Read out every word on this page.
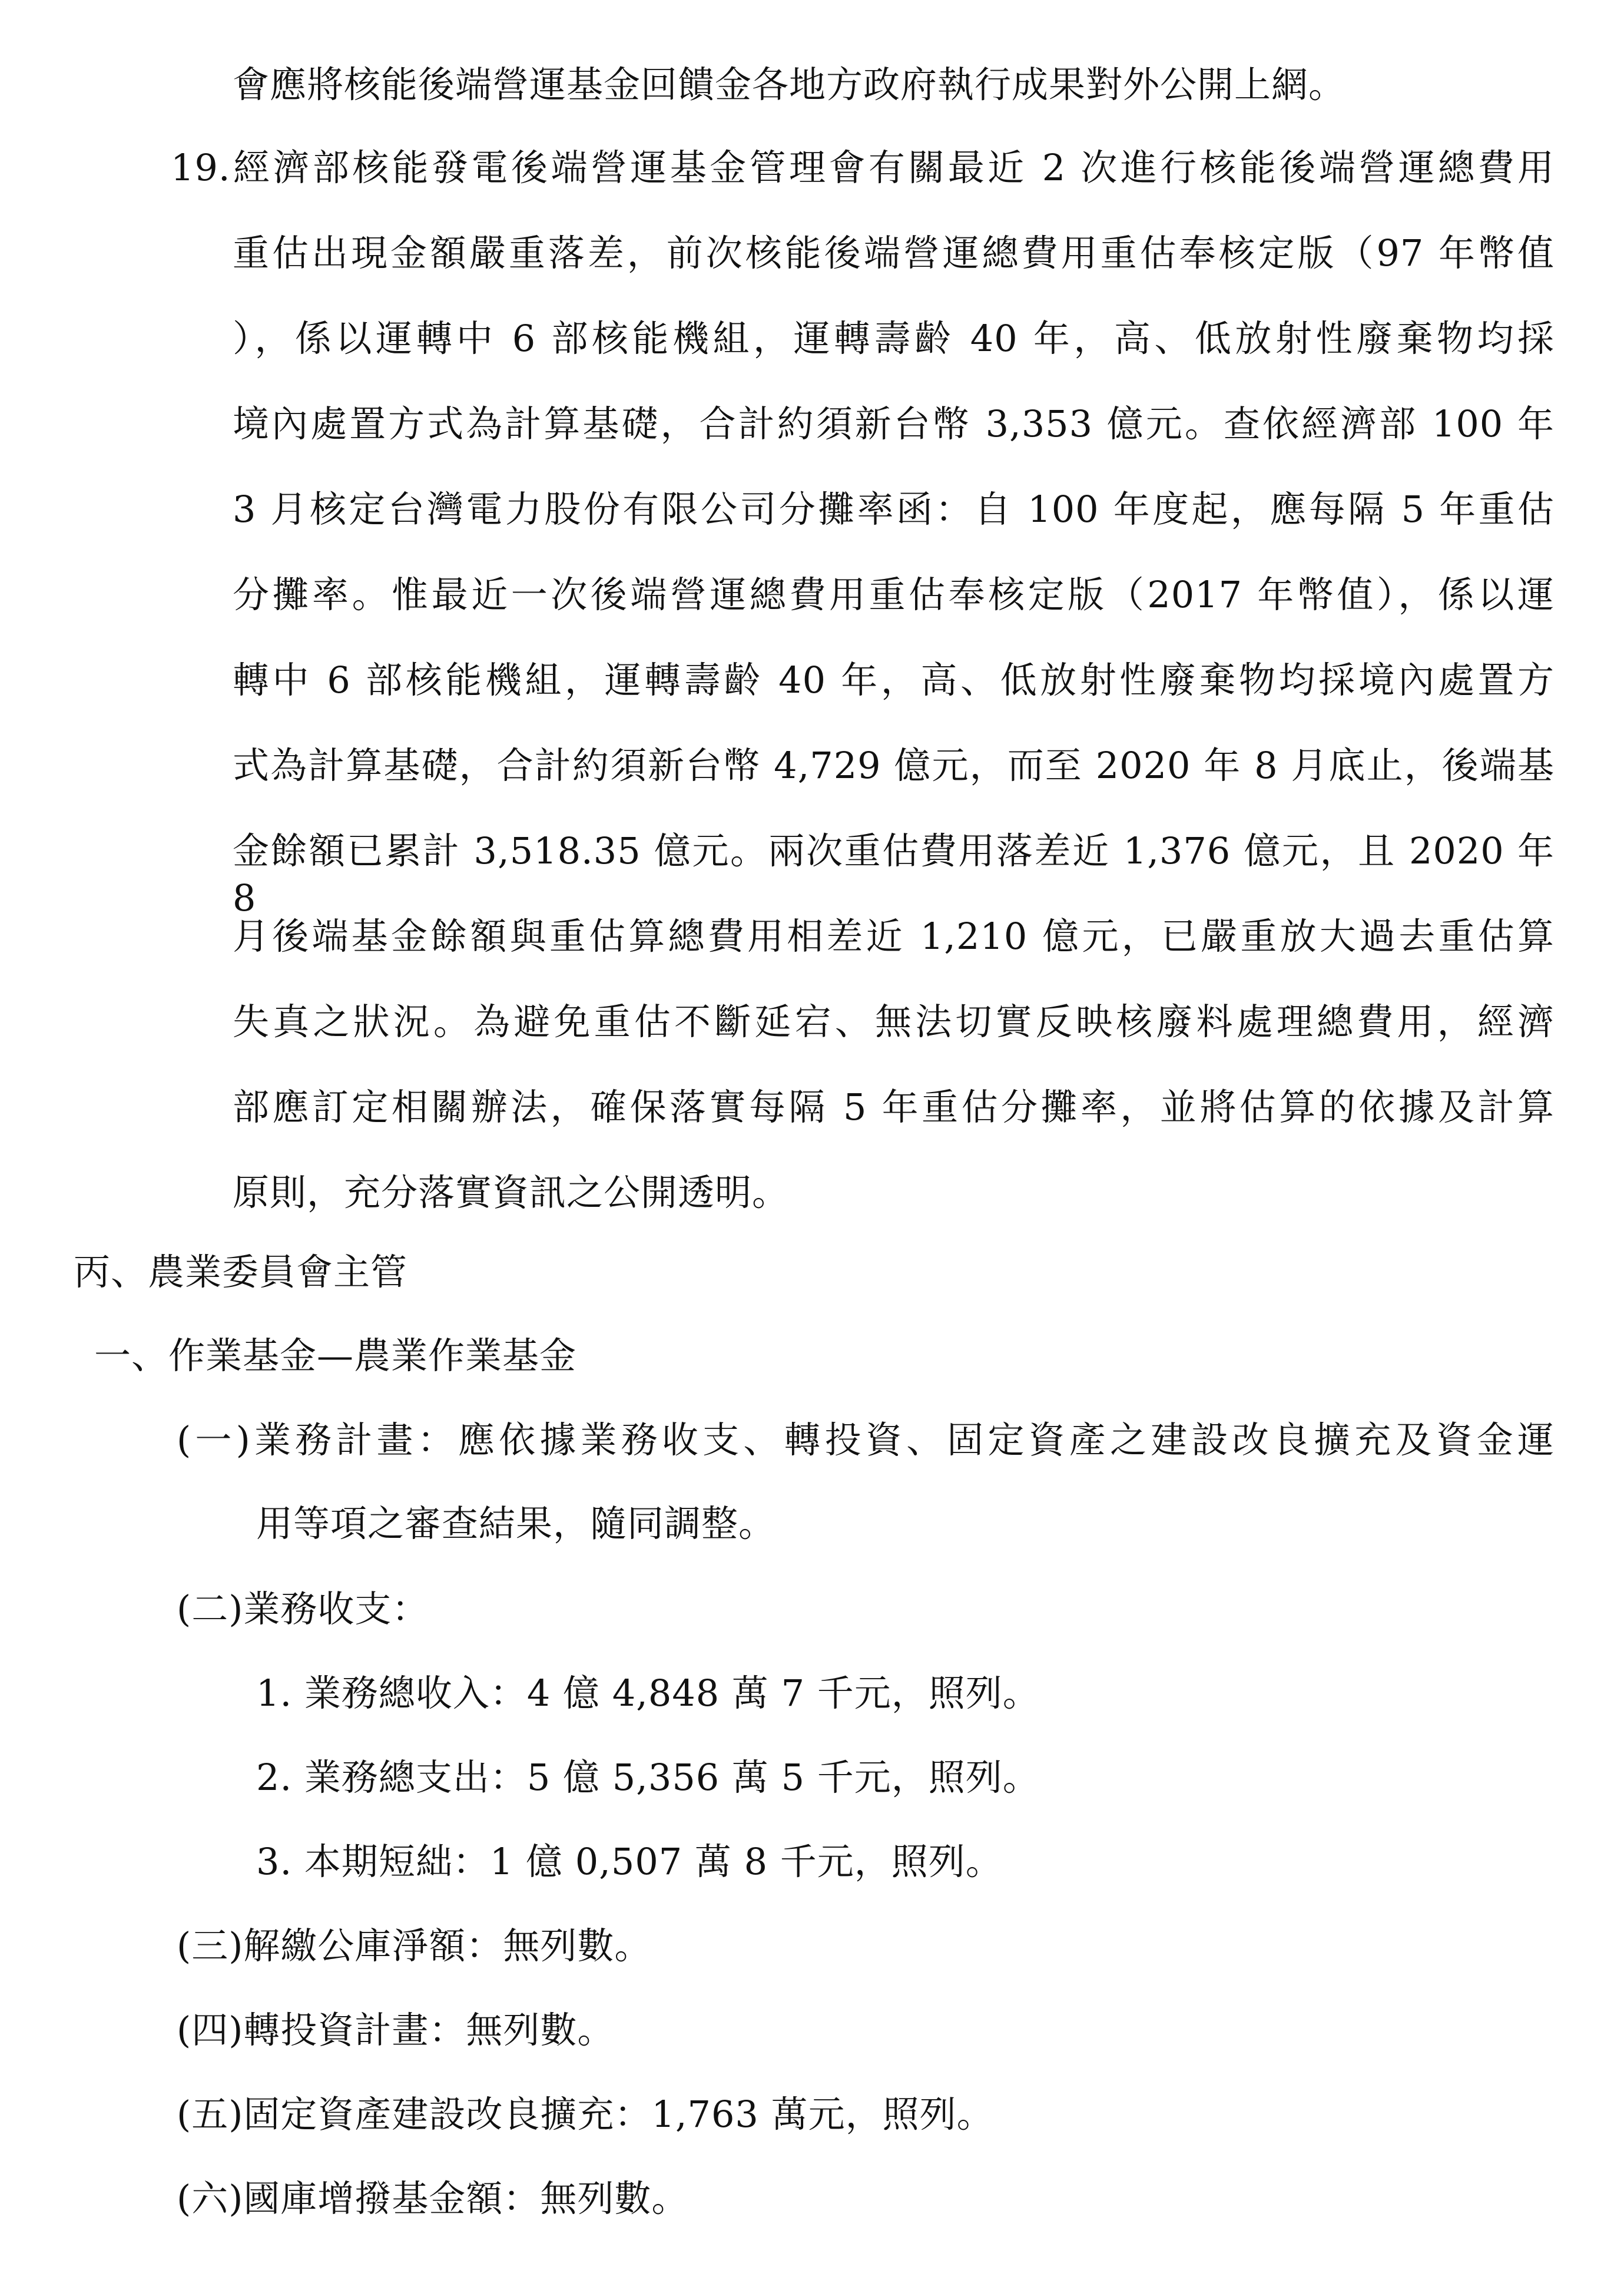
會應將核能後端營運基金回饋金各地方政府執行成果對外公開上網。
19.經濟部核能發電後端營運基金管理會有關最近 2 次進行核能後端營運總費用
重估出現金額嚴重落差，前次核能後端營運總費用重估奉核定版（97 年幣值
），係以運轉中 6 部核能機組，運轉壽齡 40 年，高、低放射性廢棄物均採
境內處置方式為計算基礎，合計約須新台幣 3,353 億元。查依經濟部 100 年
3 月核定台灣電力股份有限公司分攤率函：自 100 年度起，應每隔 5 年重估
分攤率。惟最近一次後端營運總費用重估奉核定版（2017 年幣值），係以運
轉中 6 部核能機組，運轉壽齡 40 年，高、低放射性廢棄物均採境內處置方
式為計算基礎，合計約須新台幣 4,729 億元，而至 2020 年 8 月底止，後端基
金餘額已累計 3,518.35 億元。兩次重估費用落差近 1,376 億元，且 2020 年 8
月後端基金餘額與重估算總費用相差近 1,210 億元，已嚴重放大過去重估算
失真之狀況。為避免重估不斷延宕、無法切實反映核廢料處理總費用，經濟
部應訂定相關辦法，確保落實每隔 5 年重估分攤率，並將估算的依據及計算
原則，充分落實資訊之公開透明。
丙、農業委員會主管
一、作業基金—農業作業基金
(一)業務計畫：應依據業務收支、轉投資、固定資產之建設改良擴充及資金運
用等項之審查結果，隨同調整。
(二)業務收支：
1. 業務總收入：4 億 4,848 萬 7 千元，照列。
2. 業務總支出：5 億 5,356 萬 5 千元，照列。
3. 本期短絀：1 億 0,507 萬 8 千元，照列。
(三)解繳公庫淨額：無列數。
(四)轉投資計畫：無列數。
(五)固定資產建設改良擴充：1,763 萬元，照列。
(六)國庫增撥基金額：無列數。
